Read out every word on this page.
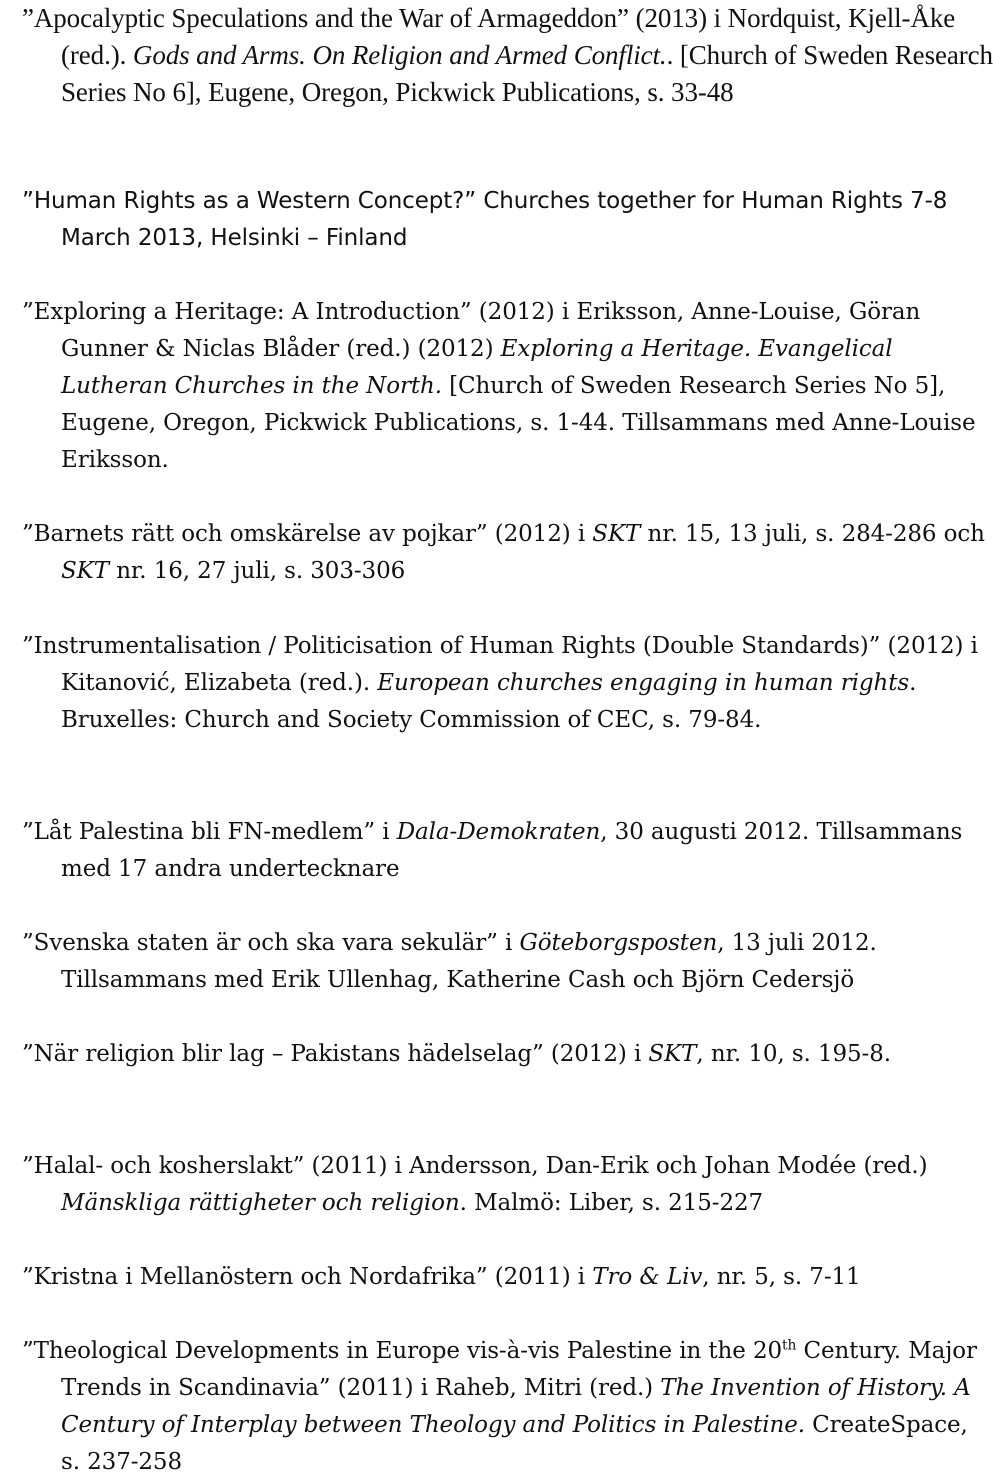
”Apocalyptic Speculations and the War of Armageddon” (2013) i Nordquist, Kjell-Åke (red.). Gods and Arms. On Religion and Armed Conflict.. [Church of Sweden Research Series No 6], Eugene, Oregon, Pickwick Publications, s. 33-48
”Human Rights as a Western Concept?” Churches together for Human Rights 7-8 March 2013, Helsinki – Finland
”Exploring a Heritage: A Introduction” (2012) i Eriksson, Anne-Louise, Göran Gunner & Niclas Blåder (red.) (2012) Exploring a Heritage. Evangelical Lutheran Churches in the North. [Church of Sweden Research Series No 5], Eugene, Oregon, Pickwick Publications, s. 1-44. Tillsammans med Anne-Louise Eriksson.
”Barnets rätt och omskärelse av pojkar” (2012) i SKT nr. 15, 13 juli, s. 284-286 och SKT nr. 16, 27 juli, s. 303-306
”Instrumentalisation / Politicisation of Human Rights (Double Standards)” (2012) i Kitanović, Elizabeta (red.). European churches engaging in human rights. Bruxelles: Church and Society Commission of CEC, s. 79-84.
”Låt Palestina bli FN-medlem” i Dala-Demokraten, 30 augusti 2012. Tillsammans med 17 andra undertecknare
”Svenska staten är och ska vara sekulär” i Göteborgsposten, 13 juli 2012. Tillsammans med Erik Ullenhag, Katherine Cash och Björn Cedersjö
”När religion blir lag – Pakistans hädelselag” (2012) i SKT, nr. 10, s. 195-8.
”Halal- och kosherslakt” (2011) i Andersson, Dan-Erik och Johan Modée (red.) Mänskliga rättigheter och religion. Malmö: Liber, s. 215-227
”Kristna i Mellanöstern och Nordafrika” (2011) i Tro & Liv, nr. 5, s. 7-11
”Theological Developments in Europe vis-à-vis Palestine in the 20th Century. Major Trends in Scandinavia” (2011) i Raheb, Mitri (red.) The Invention of History. A Century of Interplay between Theology and Politics in Palestine. CreateSpace, s. 237-258
